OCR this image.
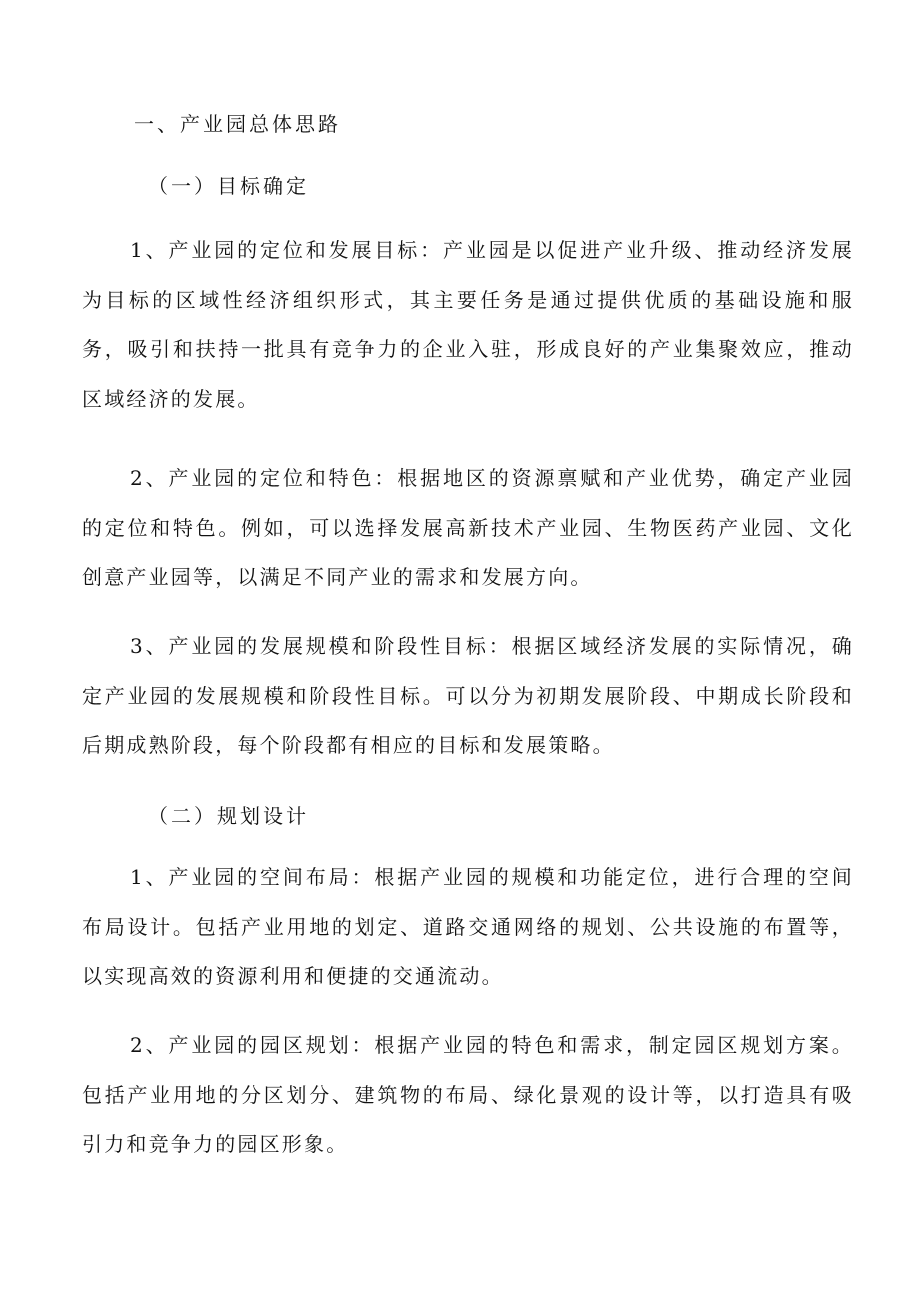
一、产业园总体思路
（一）目标确定

1、产业园的定位和发展目标：产业园是以促进产业升级、推动经济发展为目标的区域性经济组织形式，其主要任务是通过提供优质的基础设施和服务，吸引和扶持一批具有竞争力的企业入驻，形成良好的产业集聚效应，推动区域经济的发展。

2、产业园的定位和特色：根据地区的资源禀赋和产业优势，确定产业园的定位和特色。例如，可以选择发展高新技术产业园、生物医药产业园、文化创意产业园等，以满足不同产业的需求和发展方向。

3、产业园的发展规模和阶段性目标：根据区域经济发展的实际情况，确定产业园的发展规模和阶段性目标。可以分为初期发展阶段、中期成长阶段和后期成熟阶段，每个阶段都有相应的目标和发展策略。

（二）规划设计

1、产业园的空间布局：根据产业园的规模和功能定位，进行合理的空间布局设计。包括产业用地的划定、道路交通网络的规划、公共设施的布置等，以实现高效的资源利用和便捷的交通流动。

2、产业园的园区规划：根据产业园的特色和需求，制定园区规划方案。包括产业用地的分区划分、建筑物的布局、绿化景观的设计等，以打造具有吸引力和竞争力的园区形象。
